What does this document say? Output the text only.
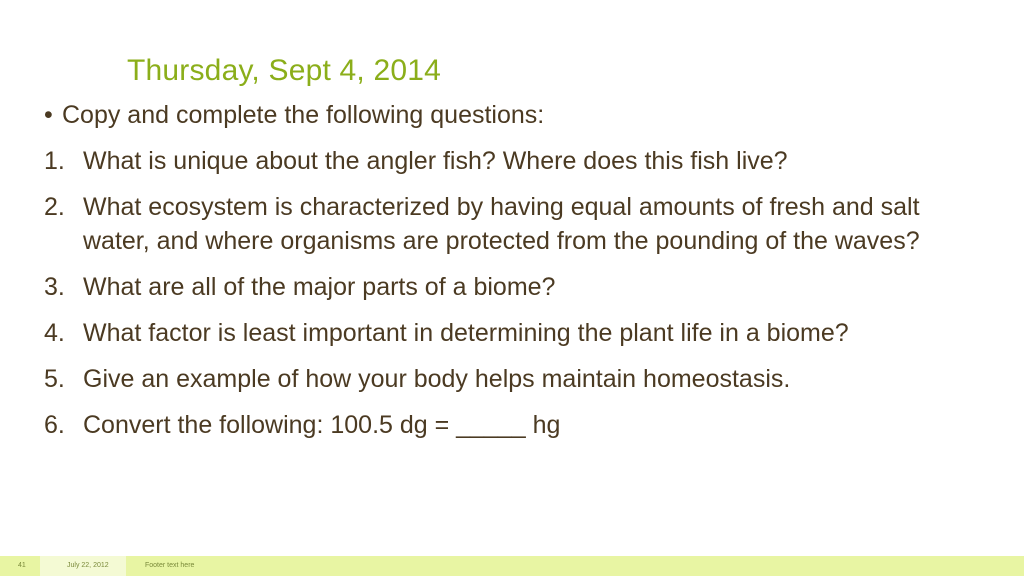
Thursday, Sept 4, 2014
• Copy and complete the following questions:
1. What is unique about the angler fish? Where does this fish live?
2. What ecosystem is characterized by having equal amounts of fresh and salt water, and where organisms are protected from the pounding of the waves?
3. What are all of the major parts of a biome?
4. What factor is least important in determining the plant life in a biome?
5. Give an example of how your body helps maintain homeostasis.
6. Convert the following: 100.5 dg = _____ hg
41	July 22, 2012	Footer text here
